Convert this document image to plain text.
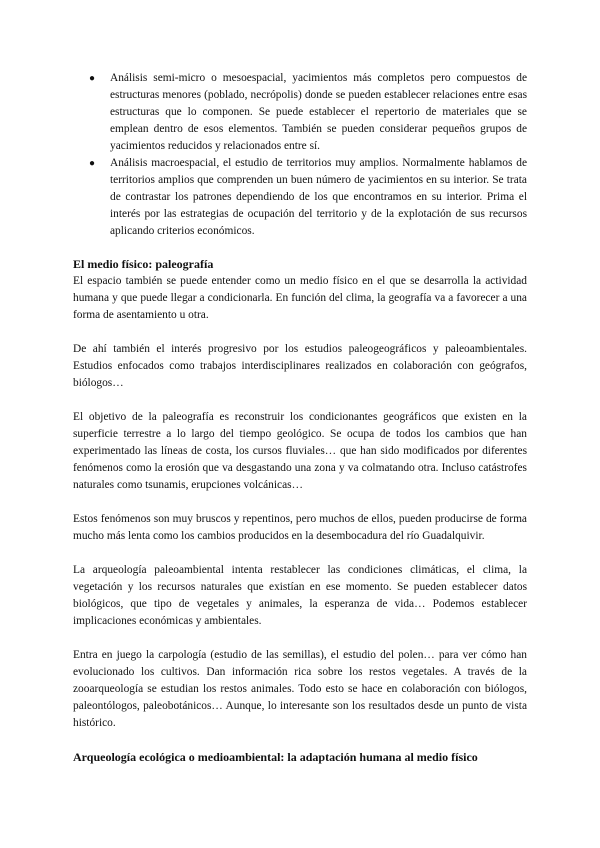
● Análisis semi-micro o mesoespacial, yacimientos más completos pero compuestos de estructuras menores (poblado, necrópolis) donde se pueden establecer relaciones entre esas estructuras que lo componen. Se puede establecer el repertorio de materiales que se emplean dentro de esos elementos. También se pueden considerar pequeños grupos de yacimientos reducidos y relacionados entre sí.
● Análisis macroespacial, el estudio de territorios muy amplios. Normalmente hablamos de territorios amplios que comprenden un buen número de yacimientos en su interior. Se trata de contrastar los patrones dependiendo de los que encontramos en su interior. Prima el interés por las estrategias de ocupación del territorio y de la explotación de sus recursos aplicando criterios económicos.
El medio físico: paleografía

El espacio también se puede entender como un medio físico en el que se desarrolla la actividad humana y que puede llegar a condicionarla. En función del clima, la geografía va a favorecer a una forma de asentamiento u otra.

De ahí también el interés progresivo por los estudios paleogeográficos y paleoambientales. Estudios enfocados como trabajos interdisciplinares realizados en colaboración con geógrafos, biólogos…

El objetivo de la paleografía es reconstruir los condicionantes geográficos que existen en la superficie terrestre a lo largo del tiempo geológico. Se ocupa de todos los cambios que han experimentado las líneas de costa, los cursos fluviales… que han sido modificados por diferentes fenómenos como la erosión que va desgastando una zona y va colmatando otra. Incluso catástrofes naturales como tsunamis, erupciones volcánicas…

Estos fenómenos son muy bruscos y repentinos, pero muchos de ellos, pueden producirse de forma mucho más lenta como los cambios producidos en la desembocadura del río Guadalquivir.

La arqueología paleoambiental intenta restablecer las condiciones climáticas, el clima, la vegetación y los recursos naturales que existían en ese momento. Se pueden establecer datos biológicos, que tipo de vegetales y animales, la esperanza de vida… Podemos establecer implicaciones económicas y ambientales.

Entra en juego la carpología (estudio de las semillas), el estudio del polen… para ver cómo han evolucionado los cultivos. Dan información rica sobre los restos vegetales. A través de la zooarqueología se estudian los restos animales. Todo esto se hace en colaboración con biólogos, paleontólogos, paleobotánicos… Aunque, lo interesante son los resultados desde un punto de vista histórico.

Arqueología ecológica o medioambiental: la adaptación humana al medio físico
